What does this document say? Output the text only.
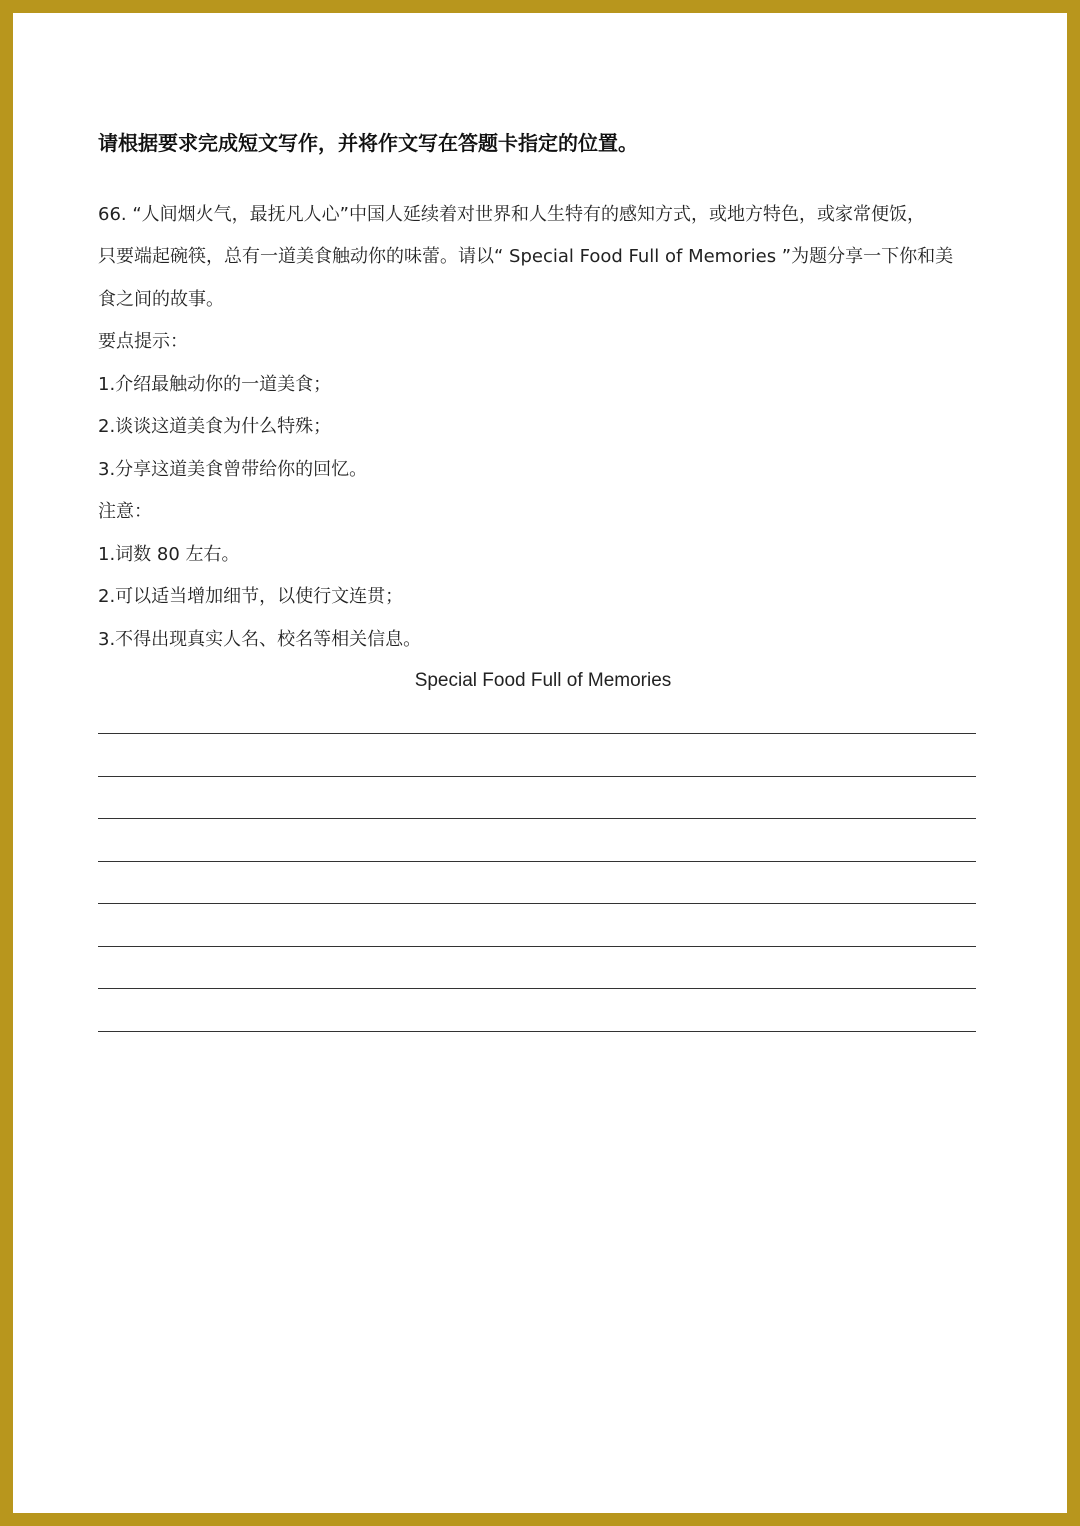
请根据要求完成短文写作，并将作文写在答题卡指定的位置。
66. “人间烟火气，最抚凡人心”中国人延续着对世界和人生特有的感知方式，或地方特色，或家常便饭，
只要端起碗筷，总有一道美食触动你的味蕾。请以“ Special Food Full of Memories ”为题分享一下你和美
食之间的故事。
要点提示：
1.介绍最触动你的一道美食；
2.谈谈这道美食为什么特殊；
3.分享这道美食曾带给你的回忆。
注意：
1.词数 80 左右。
2.可以适当增加细节，以使行文连贯；
3.不得出现真实人名、校名等相关信息。
Special Food Full of Memories
